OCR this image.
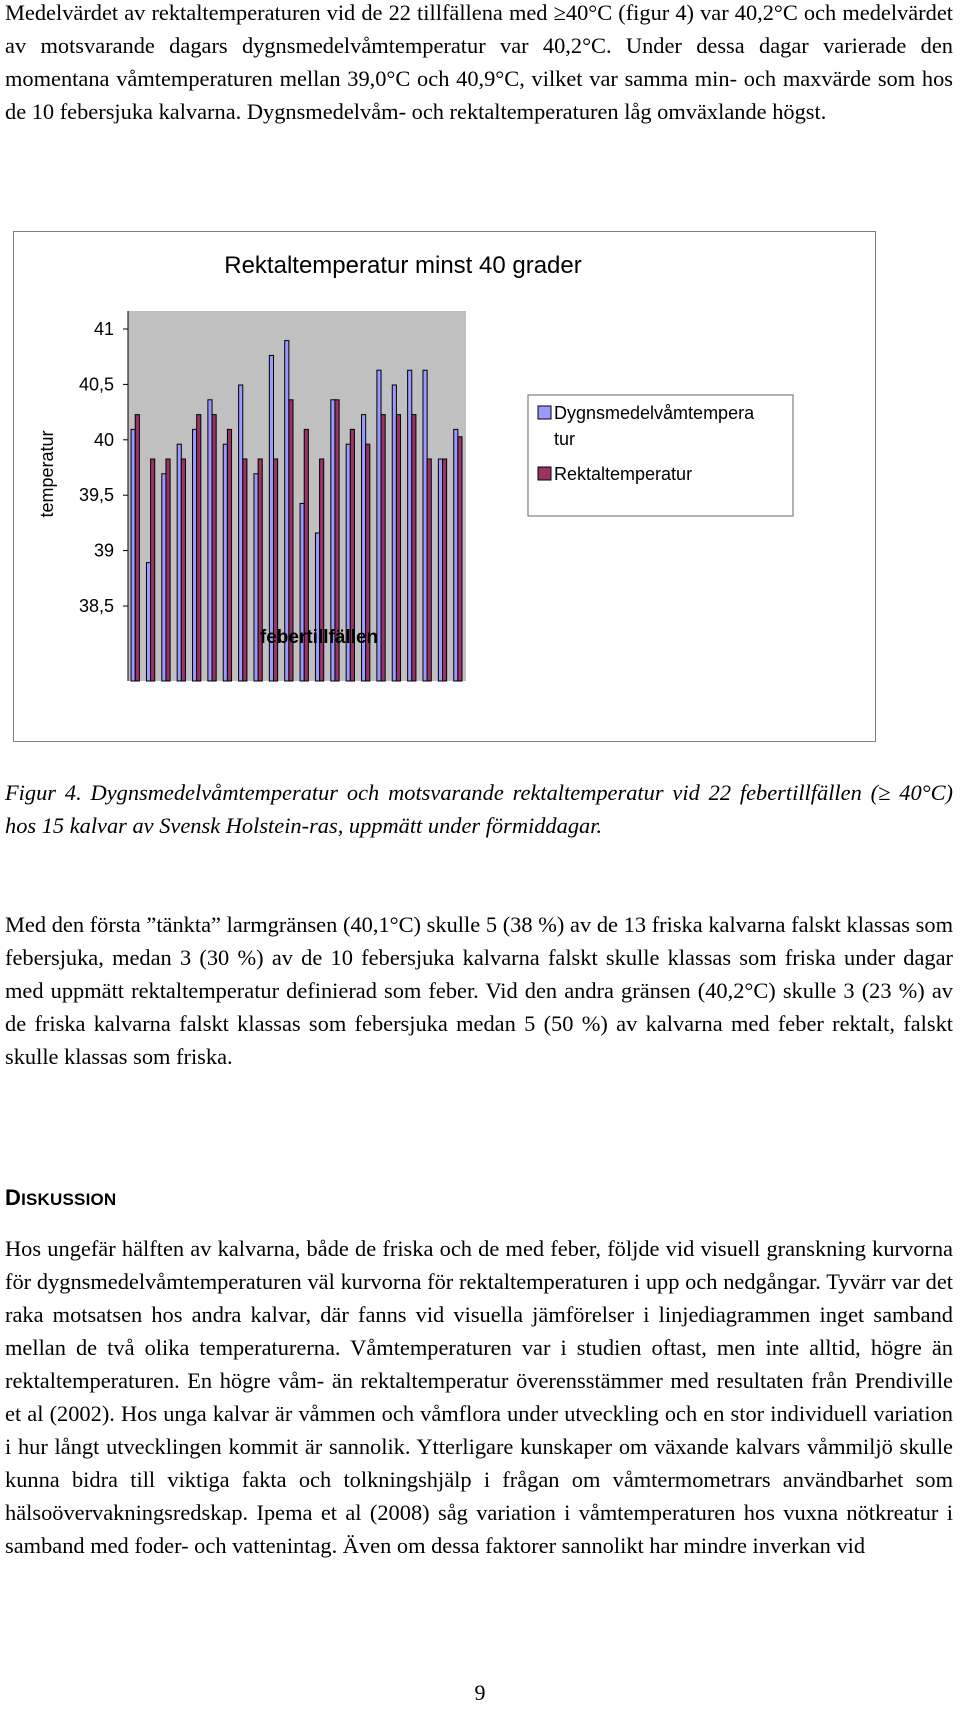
Medelvärdet av rektaltemperaturen vid de 22 tillfällena med ≥40°C (figur 4) var 40,2°C och medelvärdet av motsvarande dagars dygnsmedelvåmtemperatur var 40,2°C. Under dessa dagar varierade den momentana våmtemperaturen mellan 39,0°C och 40,9°C, vilket var samma min- och maxvärde som hos de 10 febersjuka kalvarna. Dygnsmedelvåm- och rektaltemperaturen låg omväxlande högst.

Rektaltemperatur minst 40 grader
41
40,5
40
39,5
39
38,5
temperatur
febertillfällen
Dygnsmedelvåmtempera
tur
Rektaltemperatur

Figur 4. Dygnsmedelvåmtemperatur och motsvarande rektaltemperatur vid 22 febertillfällen (≥ 40°C) hos 15 kalvar av Svensk Holstein-ras, uppmätt under förmiddagar.

Med den första ”tänkta” larmgränsen (40,1°C) skulle 5 (38 %) av de 13 friska kalvarna falskt klassas som febersjuka, medan 3 (30 %) av de 10 febersjuka kalvarna falskt skulle klassas som friska under dagar med uppmätt rektaltemperatur definierad som feber. Vid den andra gränsen (40,2°C) skulle 3 (23 %) av de friska kalvarna falskt klassas som febersjuka medan 5 (50 %) av kalvarna med feber rektalt, falskt skulle klassas som friska.

DISKUSSION

Hos ungefär hälften av kalvarna, både de friska och de med feber, följde vid visuell granskning kurvorna för dygnsmedelvåmtemperaturen väl kurvorna för rektaltemperaturen i upp och nedgångar. Tyvärr var det raka motsatsen hos andra kalvar, där fanns vid visuella jämförelser i linjediagrammen inget samband mellan de två olika temperaturerna. Våmtemperaturen var i studien oftast, men inte alltid, högre än rektaltemperaturen. En högre våm- än rektaltemperatur överensstämmer med resultaten från Prendiville et al (2002). Hos unga kalvar är våmmen och våmflora under utveckling och en stor individuell variation i hur långt utvecklingen kommit är sannolik. Ytterligare kunskaper om växande kalvars våmmiljö skulle kunna bidra till viktiga fakta och tolkningshjälp i frågan om våmtermometrars användbarhet som hälsoövervakningsredskap. Ipema et al (2008) såg variation i våmtemperaturen hos vuxna nötkreatur i samband med foder- och vattenintag. Även om dessa faktorer sannolikt har mindre inverkan vid

9
